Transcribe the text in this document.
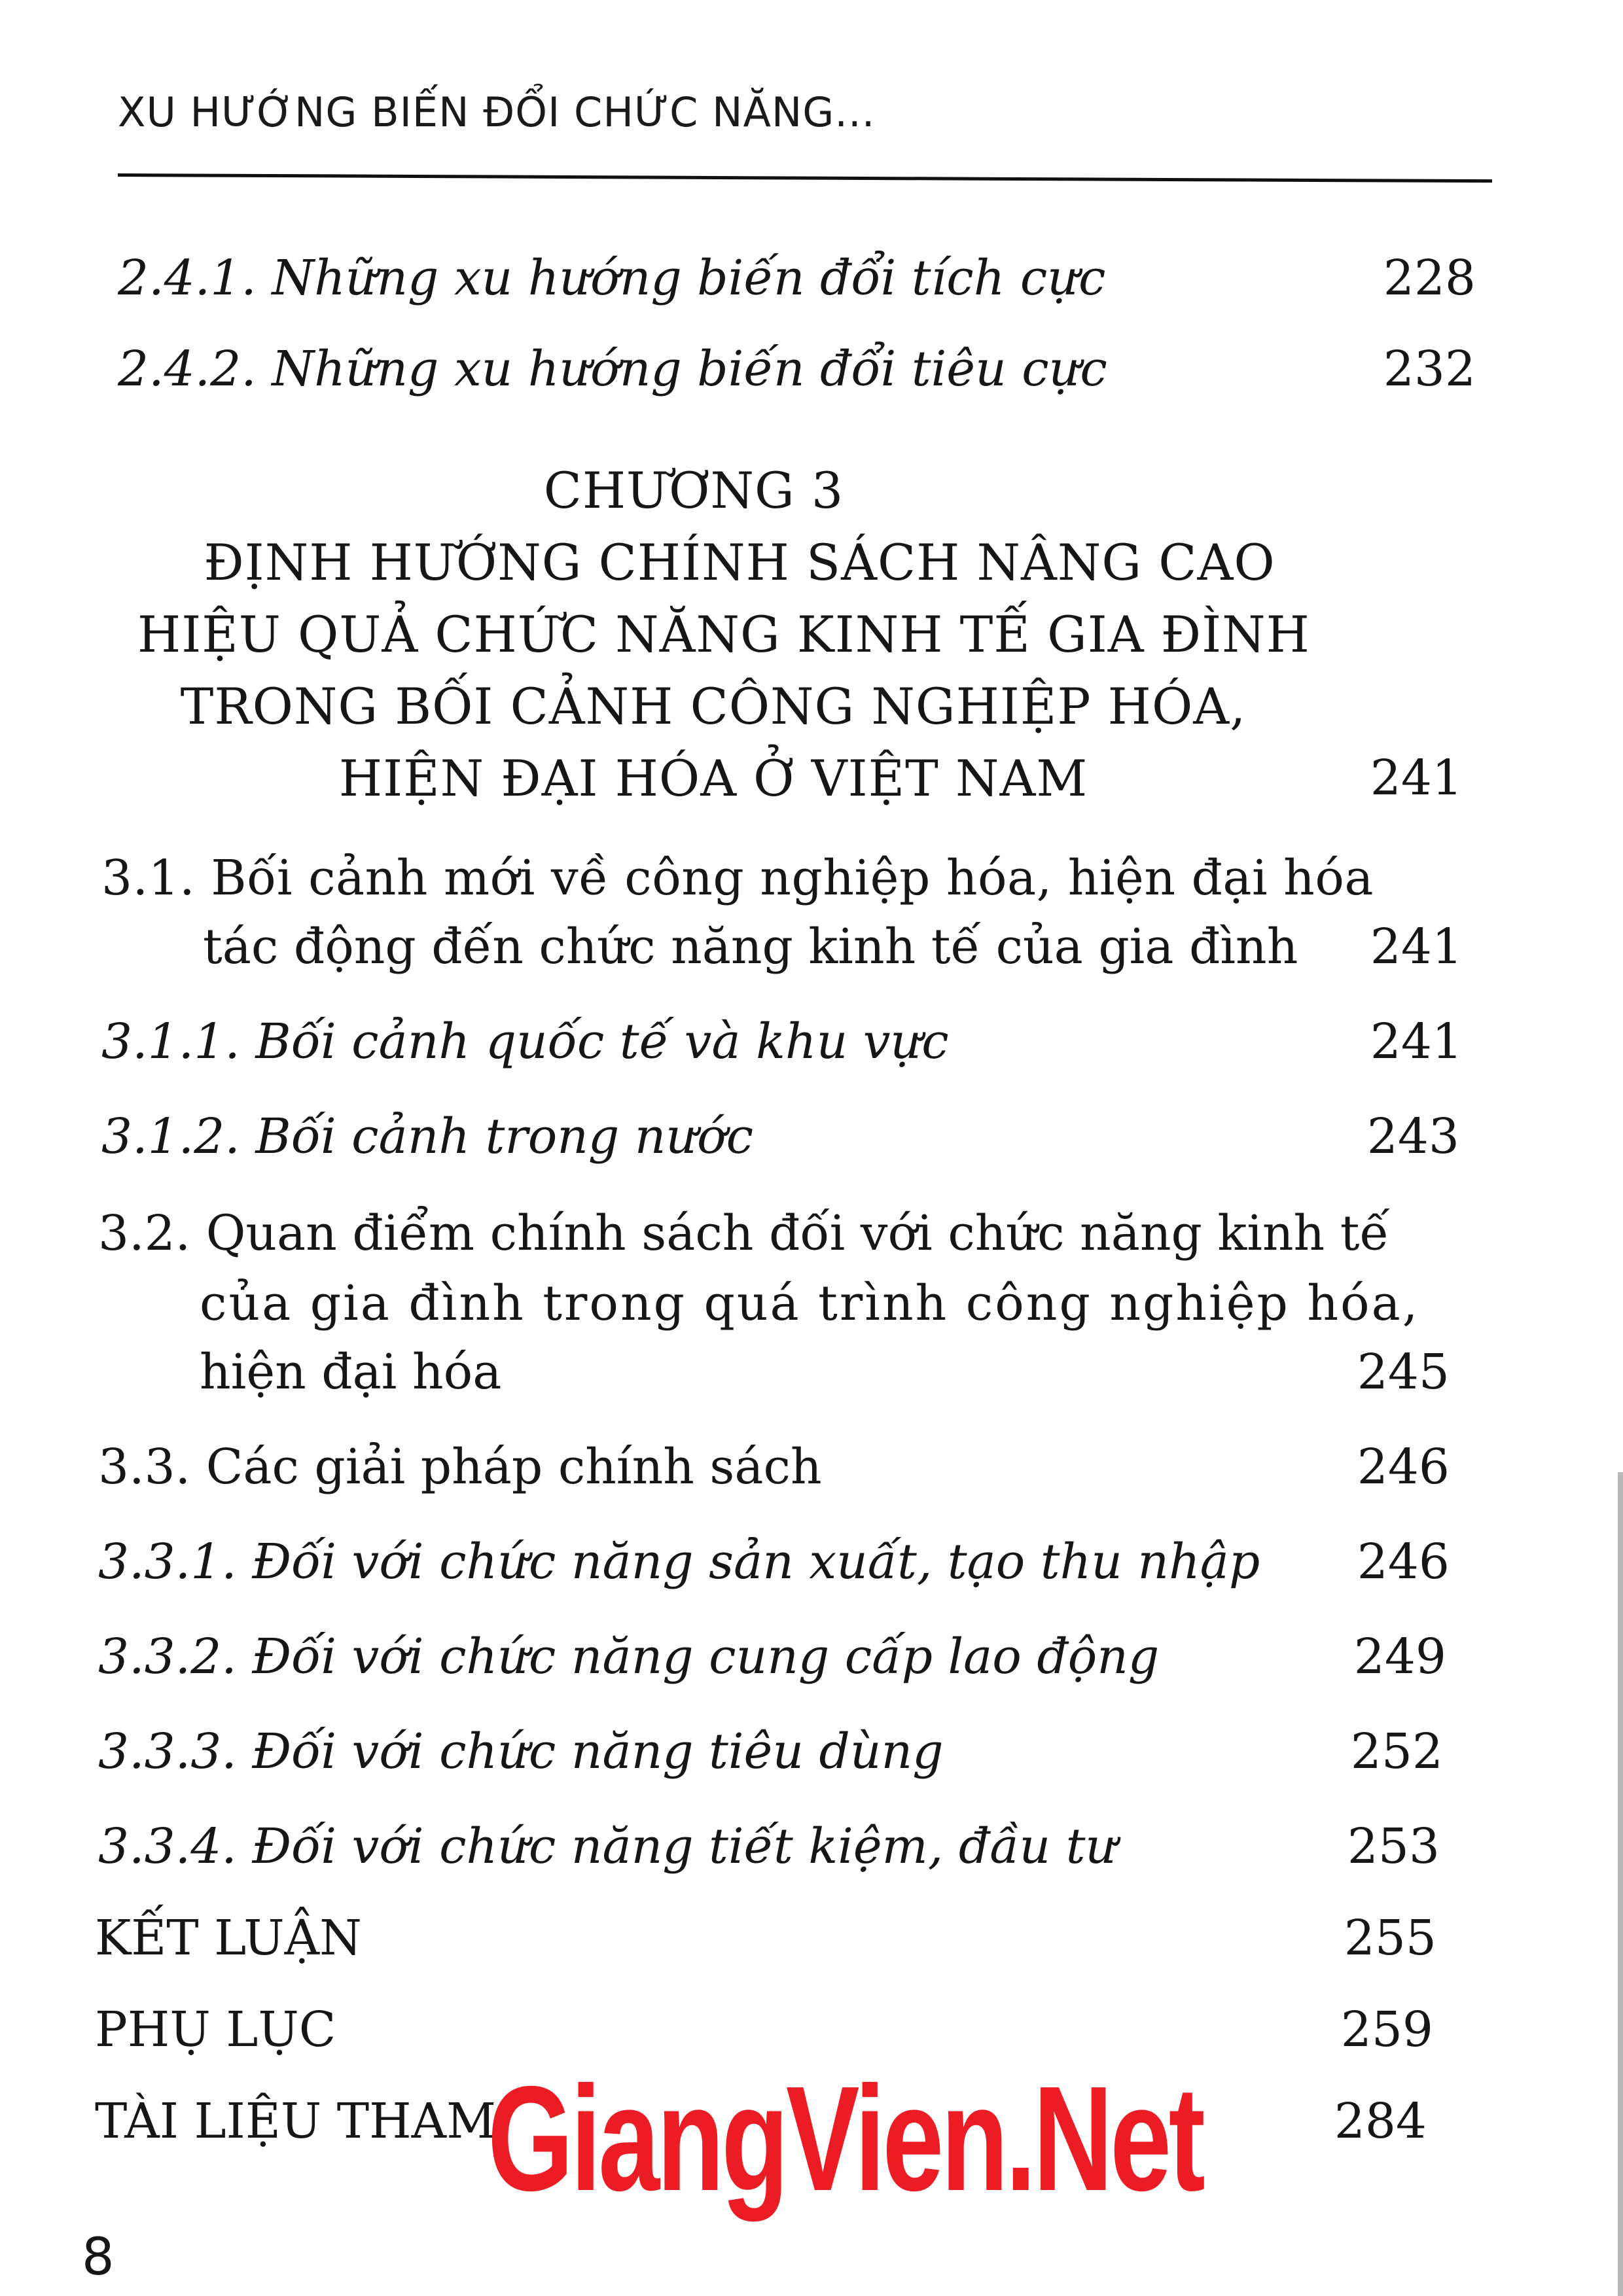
XU HƯỚNG BIẾN ĐỔI CHỨC NĂNG...
2.4.1. Những xu hướng biến đổi tích cực	228
2.4.2. Những xu hướng biến đổi tiêu cực	232
CHƯƠNG 3
ĐỊNH HƯỚNG CHÍNH SÁCH NÂNG CAO
HIỆU QUẢ CHỨC NĂNG KINH TẾ GIA ĐÌNH
TRONG BỐI CẢNH CÔNG NGHIỆP HÓA,
HIỆN ĐẠI HÓA Ở VIỆT NAM	241
3.1. Bối cảnh mới về công nghiệp hóa, hiện đại hóa
tác động đến chức năng kinh tế của gia đình	241
3.1.1. Bối cảnh quốc tế và khu vực	241
3.1.2. Bối cảnh trong nước	243
3.2. Quan điểm chính sách đối với chức năng kinh tế
của gia đình trong quá trình công nghiệp hóa,
hiện đại hóa	245
3.3. Các giải pháp chính sách	246
3.3.1. Đối với chức năng sản xuất, tạo thu nhập	246
3.3.2. Đối với chức năng cung cấp lao động	249
3.3.3. Đối với chức năng tiêu dùng	252
3.3.4. Đối với chức năng tiết kiệm, đầu tư	253
KẾT LUẬN	255
PHỤ LỤC	259
TÀI LIỆU THAM	284
GiangVien.Net
8
